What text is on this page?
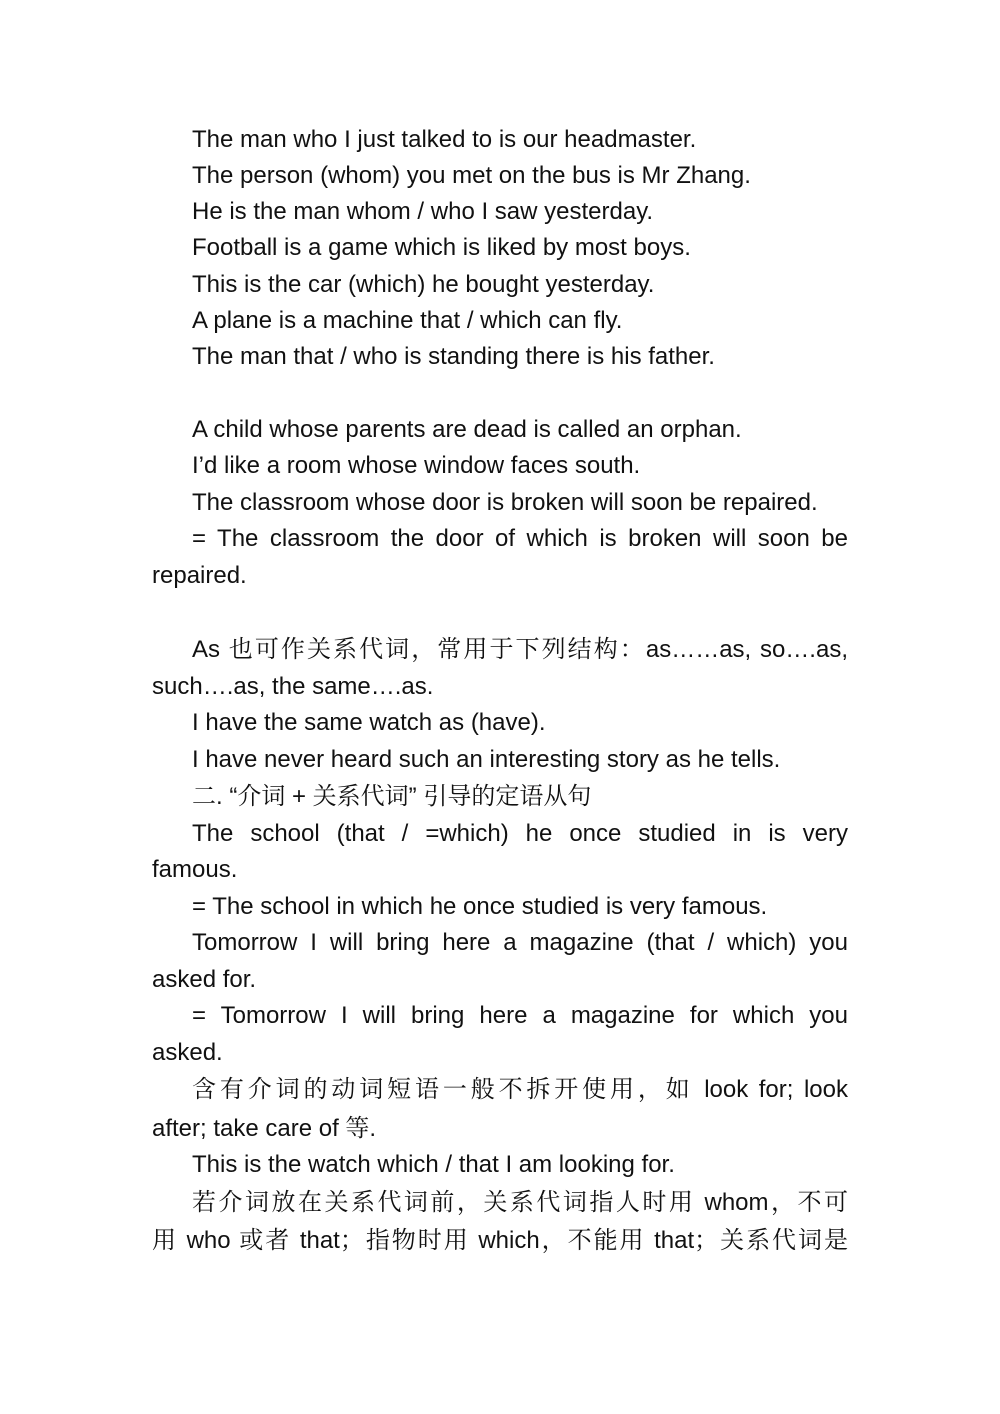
The man who I just talked to is our headmaster.
The person (whom) you met on the bus is Mr Zhang.
He is the man whom / who I saw yesterday.
Football is a game which is liked by most boys.
This is the car (which) he bought yesterday.
A plane is a machine that / which can fly.
The man that / who is standing there is his father.
A child whose parents are dead is called an orphan.
I’d like a room whose window faces south.
The classroom whose door is broken will soon be repaired.
= The classroom the door of which is broken will soon be
repaired.
As 也可作关系代词，常用于下列结构：as……as, so….as,
such….as, the same….as.
I have the same watch as (have).
I have never heard such an interesting story as he tells.
二. “介词 + 关系代词” 引导的定语从句
The school (that / =which) he once studied in is very
famous.
= The school in which he once studied is very famous.
Tomorrow I will bring here a magazine (that / which) you
asked for.
= Tomorrow I will bring here a magazine for which you
asked.
含有介词的动词短语一般不拆开使用，如 look for; look
after; take care of 等.
This is the watch which / that I am looking for.
若介词放在关系代词前，关系代词指人时用 whom，不可
用 who 或者 that；指物时用 which，不能用 that；关系代词是
